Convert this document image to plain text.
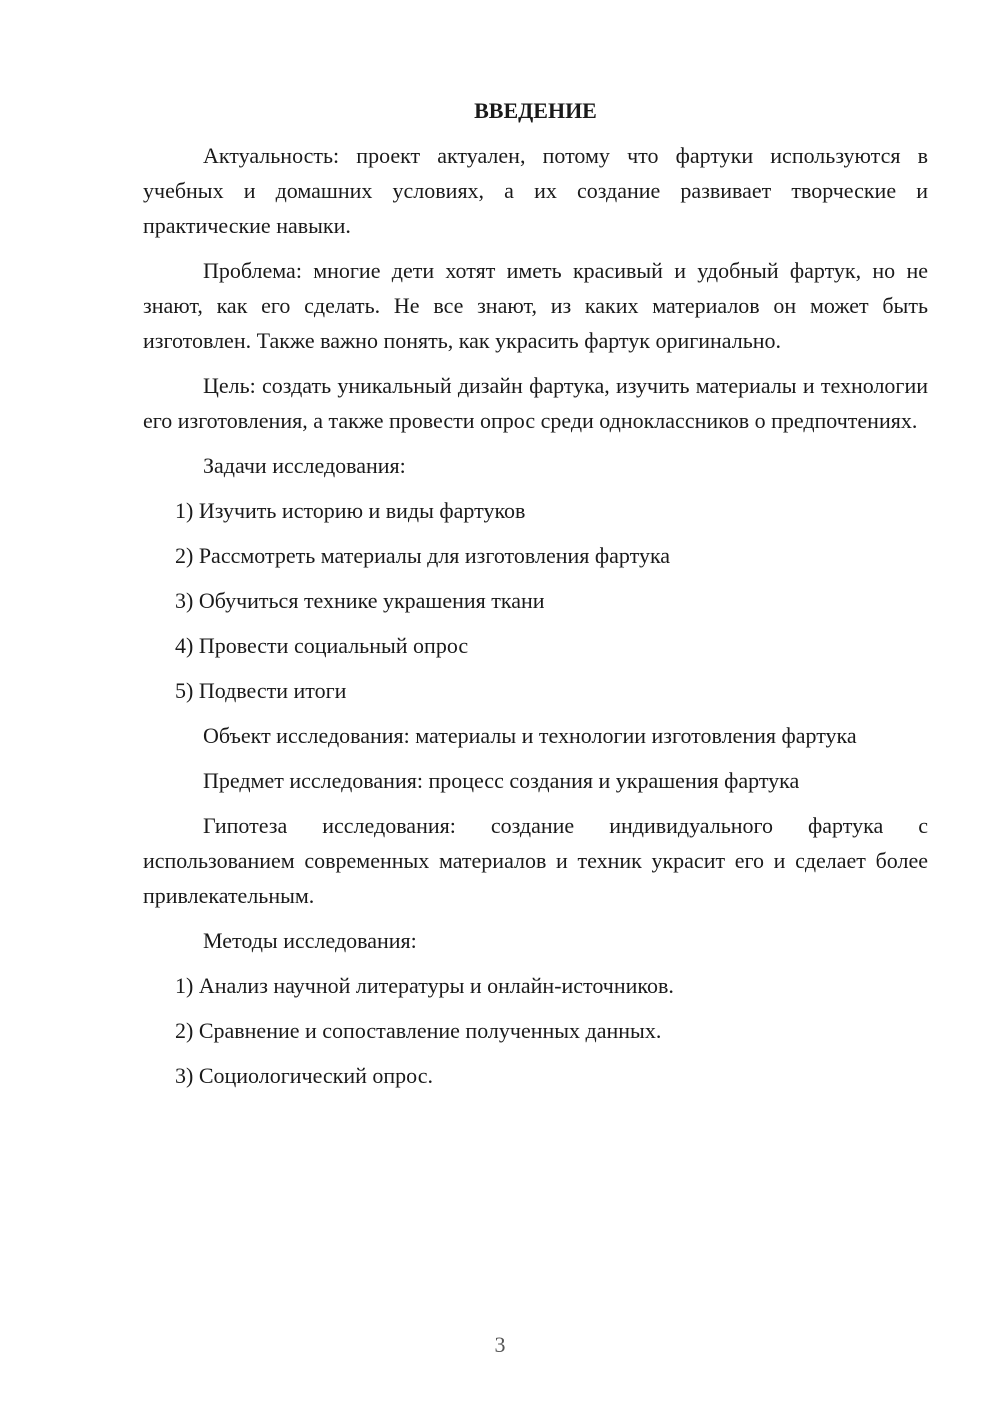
ВВЕДЕНИЕ

Актуальность: проект актуален, потому что фартуки используются в учебных и домашних условиях, а их создание развивает творческие и практические навыки.

Проблема: многие дети хотят иметь красивый и удобный фартук, но не знают, как его сделать. Не все знают, из каких материалов он может быть изготовлен. Также важно понять, как украсить фартук оригинально.

Цель: создать уникальный дизайн фартука, изучить материалы и технологии его изготовления, а также провести опрос среди одноклассников о предпочтениях.

Задачи исследования:

1) Изучить историю и виды фартуков
2) Рассмотреть материалы для изготовления фартука
3) Обучиться технике украшения ткани
4) Провести социальный опрос
5) Подвести итоги

Объект исследования: материалы и технологии изготовления фартука

Предмет исследования: процесс создания и украшения фартука

Гипотеза исследования: создание индивидуального фартука с использованием современных материалов и техник украсит его и сделает более привлекательным.

Методы исследования:

1) Анализ научной литературы и онлайн-источников.
2) Сравнение и сопоставление полученных данных.
3) Социологический опрос.
3
